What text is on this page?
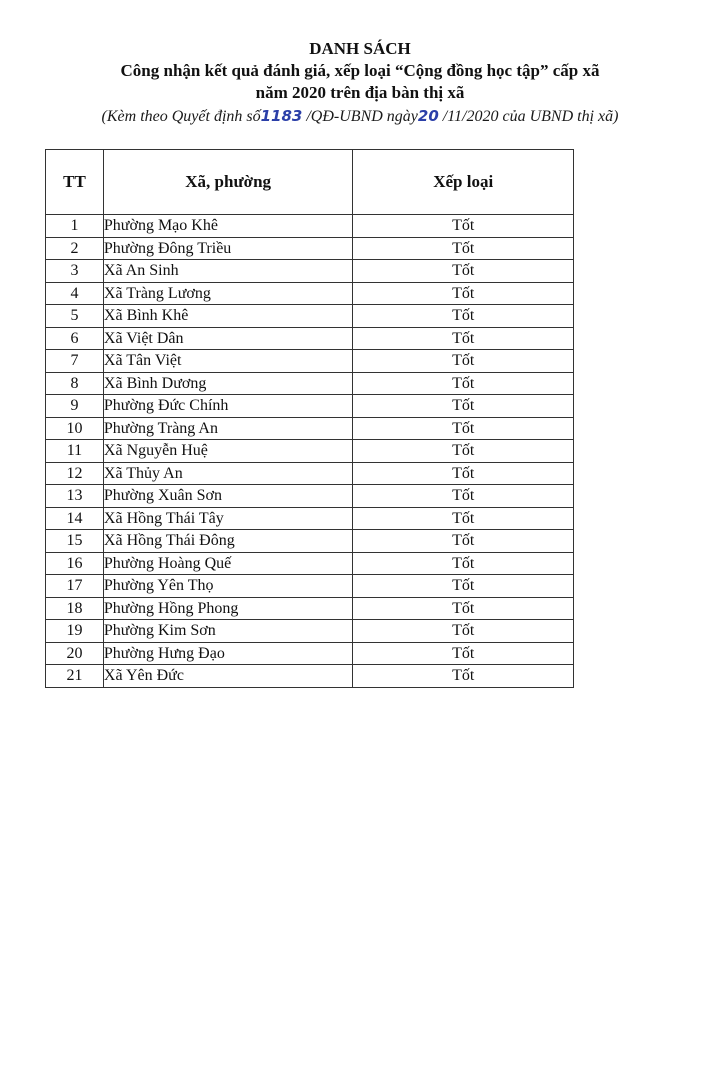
DANH SÁCH

Công nhận kết quả đánh giá, xếp loại “Cộng đồng học tập” cấp xã

năm 2020 trên địa bàn thị xã

(Kèm theo Quyết định số1183 /QĐ-UBND ngày20 /11/2020 của UBND thị xã)

TT	Xã, phường	Xếp loại
1	Phường Mạo Khê	Tốt
2	Phường Đông Triều	Tốt
3	Xã An Sinh	Tốt
4	Xã Tràng Lương	Tốt
5	Xã Bình Khê	Tốt
6	Xã Việt Dân	Tốt
7	Xã Tân Việt	Tốt
8	Xã Bình Dương	Tốt
9	Phường Đức Chính	Tốt
10	Phường Tràng An	Tốt
11	Xã Nguyễn Huệ	Tốt
12	Xã Thủy An	Tốt
13	Phường Xuân Sơn	Tốt
14	Xã Hồng Thái Tây	Tốt
15	Xã Hồng Thái Đông	Tốt
16	Phường Hoàng Quế	Tốt
17	Phường Yên Thọ	Tốt
18	Phường Hồng Phong	Tốt
19	Phường Kim Sơn	Tốt
20	Phường Hưng Đạo	Tốt
21	Xã Yên Đức	Tốt
